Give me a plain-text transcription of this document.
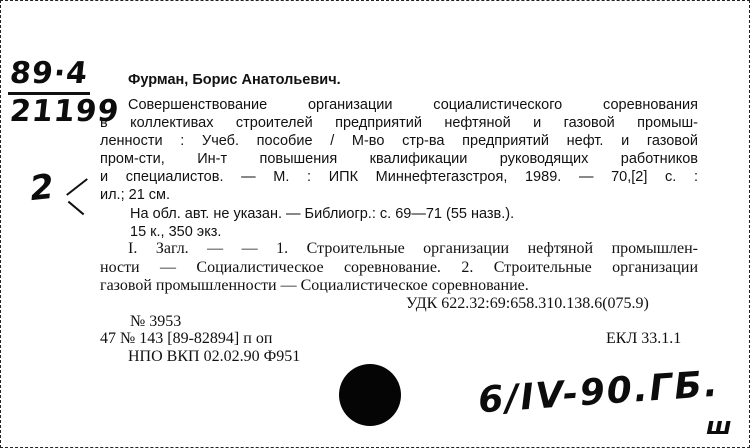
89·4
21199
2
Фурман, Борис Анатольевич.
Совершенствование организации социалистического соревнования
в коллективах строителей предприятий нефтяной и газовой промыш-
ленности : Учеб. пособие / М-во стр-ва предприятий нефт. и газовой
пром-сти, Ин-т повышения квалификации руководящих работников
и специалистов. — М. : ИПК Миннефтегазстроя, 1989. — 70,[2] с. :
ил.; 21 см.
На обл. авт. не указан. — Библиогр.: с. 69—71 (55 назв.).
15 к., 350 экз.
I. Загл. — — 1. Строительные организации нефтяной промышлен-
ности — Социалистическое соревнование. 2. Строительные организации
газовой промышленности — Социалистическое соревнование.
УДК 622.32:69:658.310.138.6(075.9)
№ 3953
47 № 143 [89-82894] п оп	ЕКЛ 33.1.1
НПО ВКП 02.02.90 Ф951
6/IV-90.ГБ.
ш
